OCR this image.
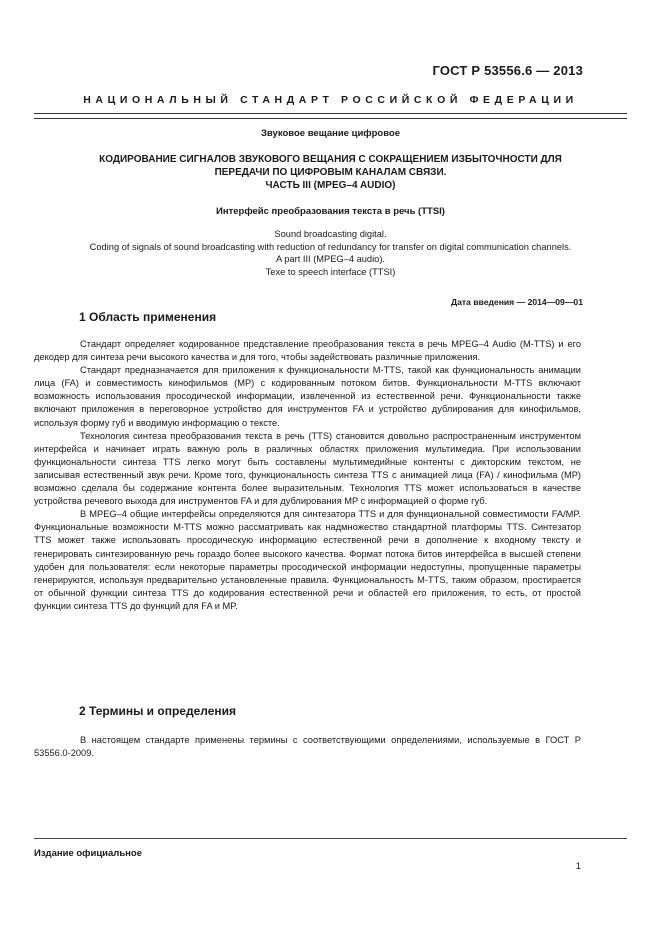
ГОСТ Р 53556.6 — 2013
НАЦИОНАЛЬНЫЙ СТАНДАРТ РОССИЙСКОЙ ФЕДЕРАЦИИ
Звуковое вещание цифровое
КОДИРОВАНИЕ СИГНАЛОВ ЗВУКОВОГО ВЕЩАНИЯ С СОКРАЩЕНИЕМ ИЗБЫТОЧНОСТИ ДЛЯ
ПЕРЕДАЧИ ПО ЦИФРОВЫМ КАНАЛАМ СВЯЗИ.
ЧАСТЬ III (MPEG–4 AUDIO)
Интерфейс преобразования текста в речь (TTSI)
Sound broadcasting digital.
Coding of signals of sound broadcasting with reduction of redundancy for transfer on digital communication channels.
A part III (MPEG–4 audio).
Texe to speech interface (TTSI)
Дата введения — 2014—09—01
1 Область применения

Стандарт определяет кодированное представление преобразования текста в речь MPEG–4 Audio (M-TTS) и его декодер для синтеза речи высокого качества и для того, чтобы задействовать различные приложения.

Стандарт предназначается для приложения к функциональности M-TTS, такой как функциональность анимации лица (FA) и совместимость кинофильмов (MP) с кодированным потоком битов. Функциональности M-TTS включают возможность использования просодической информации, извлеченной из естественной речи. Функциональности также включают приложения в переговорное устройство для инструментов FA и устройство дублирования для кинофильмов, используя форму губ и вводимую информацию о тексте.

Технология синтеза преобразования текста в речь (TTS) становится довольно распространенным инструментом интерфейса и начинает играть важную роль в различных областях приложения мультимедиа. При использовании функциональности синтеза TTS легко могут быть составлены мультимедийные контенты с дикторским текстом, не записывая естественный звук речи. Кроме того, функциональность синтеза TTS с анимацией лица (FA) / кинофильма (MP) возможно сделала бы содержание контента более выразительным. Технология TTS может использоваться в качестве устройства речевого выхода для инструментов FA и для дублирования MP с информацией о форме губ.

В MPEG–4 общие интерфейсы определяются для синтезатора TTS и для функциональной совместимости FA/MP. Функциональные возможности M-TTS можно рассматривать как надмножество стандартной платформы TTS. Синтезатор TTS может также использовать просодическую информацию естественной речи в дополнение к входному тексту и генерировать синтезированную речь гораздо более высокого качества. Формат потока битов интерфейса в высшей степени удобен для пользователя: если некоторые параметры просодической информации недоступны, пропущенные параметры генерируются, используя предварительно установленные правила. Функциональность M-TTS, таким образом, простирается от обычной функции синтеза TTS до кодирования естественной речи и областей его приложения, то есть, от простой функции синтеза TTS до функций для FA и MP.

2 Термины и определения

В настоящем стандарте применены термины с соответствующими определениями, используемые в ГОСТ Р 53556.0-2009.

Издание официальное
1
